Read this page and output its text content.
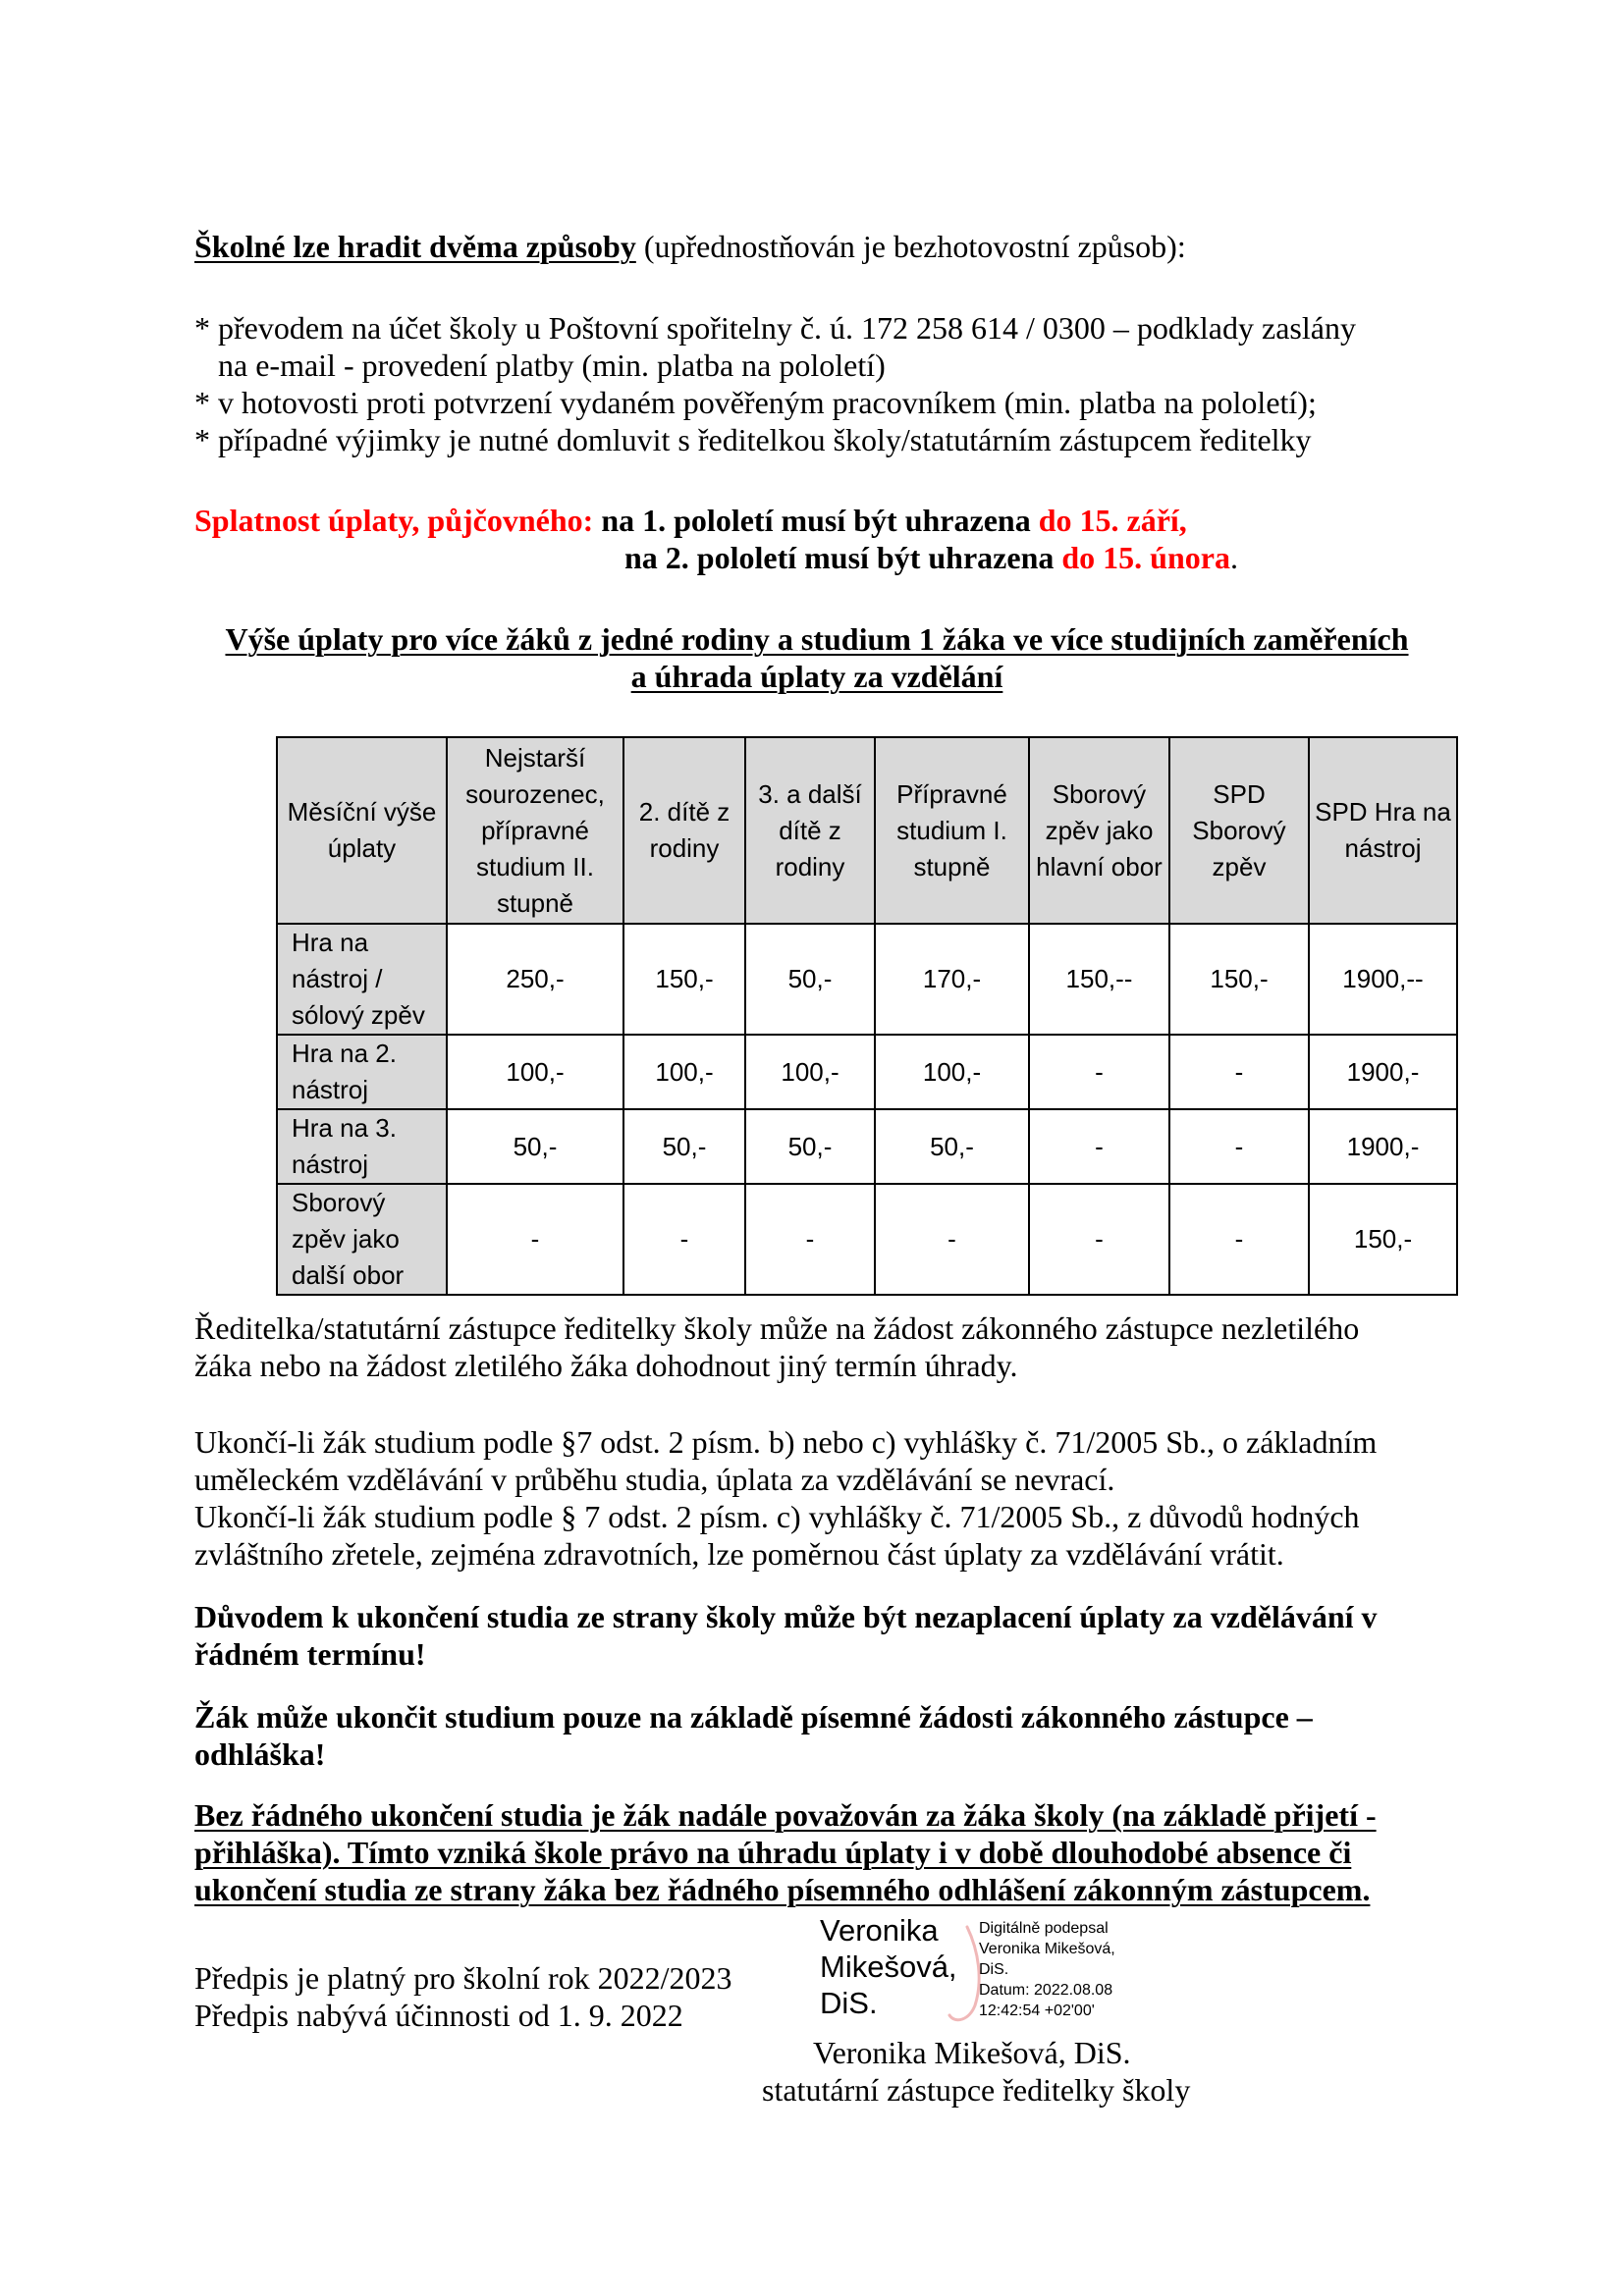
Školné lze hradit dvěma způsoby (upřednostňován je bezhotovostní způsob):
* převodem na účet školy u Poštovní spořitelny č. ú. 172 258 614 / 0300 – podklady zaslány
na e-mail - provedení platby (min. platba na pololetí)
* v hotovosti proti potvrzení vydaném pověřeným pracovníkem (min. platba na pololetí);
* případné výjimky je nutné domluvit s ředitelkou školy/statutárním zástupcem ředitelky
Splatnost úplaty, půjčovného: na 1. pololetí musí být uhrazena do 15. září,
na 2. pololetí musí být uhrazena do 15. února.
Výše úplaty pro více žáků z jedné rodiny a studium 1 žáka ve více studijních zaměřeních
a úhrada úplaty za vzdělání
Měsíční výše úplaty	Nejstarší sourozenec, přípravné studium II. stupně	2. dítě z rodiny	3. a další dítě z rodiny	Přípravné studium I. stupně	Sborový zpěv jako hlavní obor	SPD Sborový zpěv	SPD Hra na nástroj
Hra na nástroj / sólový zpěv	250,-	150,-	50,-	170,-	150,--	150,-	1900,--
Hra na 2. nástroj	100,-	100,-	100,-	100,-	-	-	1900,-
Hra na 3. nástroj	50,-	50,-	50,-	50,-	-	-	1900,-
Sborový zpěv jako další obor	-	-	-	-	-	-	150,-
Ředitelka/statutární zástupce ředitelky školy může na žádost zákonného zástupce nezletilého
žáka nebo na žádost zletilého žáka dohodnout jiný termín úhrady.
Ukončí-li žák studium podle §7 odst. 2 písm. b) nebo c) vyhlášky č. 71/2005 Sb., o základním
uměleckém vzdělávání v průběhu studia, úplata za vzdělávání se nevrací.
Ukončí-li žák studium podle § 7 odst. 2 písm. c) vyhlášky č. 71/2005 Sb., z důvodů hodných
zvláštního zřetele, zejména zdravotních, lze poměrnou část úplaty za vzdělávání vrátit.
Důvodem k ukončení studia ze strany školy může být nezaplacení úplaty za vzdělávání v
řádném termínu!
Žák může ukončit studium pouze na základě písemné žádosti zákonného zástupce –
odhláška!
Bez řádného ukončení studia je žák nadále považován za žáka školy (na základě přijetí -
přihláška). Tímto vzniká škole právo na úhradu úplaty i v době dlouhodobé absence či
ukončení studia ze strany žáka bez řádného písemného odhlášení zákonným zástupcem.
Předpis je platný pro školní rok 2022/2023
Předpis nabývá účinnosti od 1. 9. 2022
Veronika
Mikešová,
DiS.
Digitálně podepsal
Veronika Mikešová,
DiS.
Datum: 2022.08.08
12:42:54 +02'00'
Veronika Mikešová, DiS.
statutární zástupce ředitelky školy
